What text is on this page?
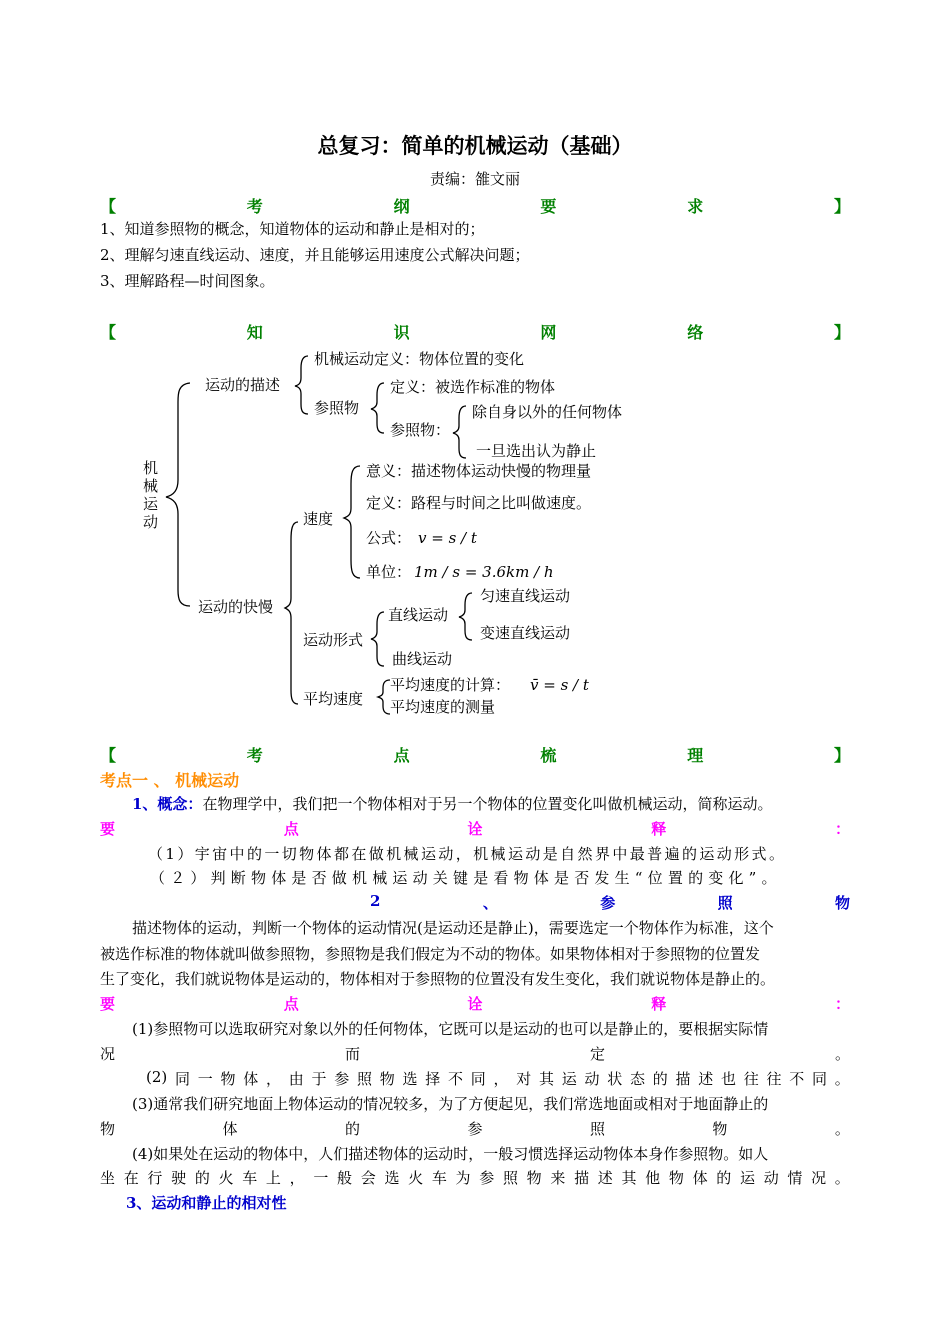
总复习：简单的机械运动（基础）
责编：雒文丽
【	考	纲	要	求	】
1、知道参照物的概念，知道物体的运动和静止是相对的；
2、理解匀速直线运动、速度，并且能够运用速度公式解决问题；
3、理解路程—时间图象。
【	知	识	网	络	】
机
械
运
动
运动的描述
运动的快慢
机械运动定义：物体位置的变化
参照物
定义：被选作标准的物体
参照物：
除自身以外的任何物体
一旦选出认为静止
速度
运动形式
平均速度
意义：描述物体运动快慢的物理量
定义：路程与时间之比叫做速度。
公式： v = s / t
单位： 1m / s = 3.6km / h
直线运动
曲线运动
匀速直线运动
变速直线运动
平均速度的计算： v̄ = s / t
平均速度的测量
【	考	点	梳	理	】
考点一 、 机械运动
1、概念：在物理学中，我们把一个物体相对于另一个物体的位置变化叫做机械运动，简称运动。
要	点	诠	释	：
（1）宇宙中的一切物体都在做机械运动，机械运动是自然界中最普遍的运动形式。
（２）判断物体是否做机械运动关键是看物体是否发生“位置的变化”。
2	、	参	照	物
描述物体的运动，判断一个物体的运动情况(是运动还是静止)，需要选定一个物体作为标准，这个
被选作标准的物体就叫做参照物，参照物是我们假定为不动的物体。如果物体相对于参照物的位置发
生了变化，我们就说物体是运动的，物体相对于参照物的位置没有发生变化，我们就说物体是静止的。
要	点	诠	释	：
(1)参照物可以选取研究对象以外的任何物体，它既可以是运动的也可以是静止的，要根据实际情
况	而	定	。
(2) 同 一 物 体 ， 由 于 参 照 物 选 择 不 同 ， 对 其 运 动 状 态 的 描 述 也 往 往 不 同 。
(3)通常我们研究地面上物体运动的情况较多，为了方便起见，我们常选地面或相对于地面静止的
物	体	的	参	照	物	。
(4)如果处在运动的物体中，人们描述物体的运动时，一般习惯选择运动物体本身作参照物。如人
坐 在 行 驶 的 火 车 上 ， 一 般 会 选 火 车 为 参 照 物 来 描 述 其 他 物 体 的 运 动 情 况 。
3、运动和静止的相对性
